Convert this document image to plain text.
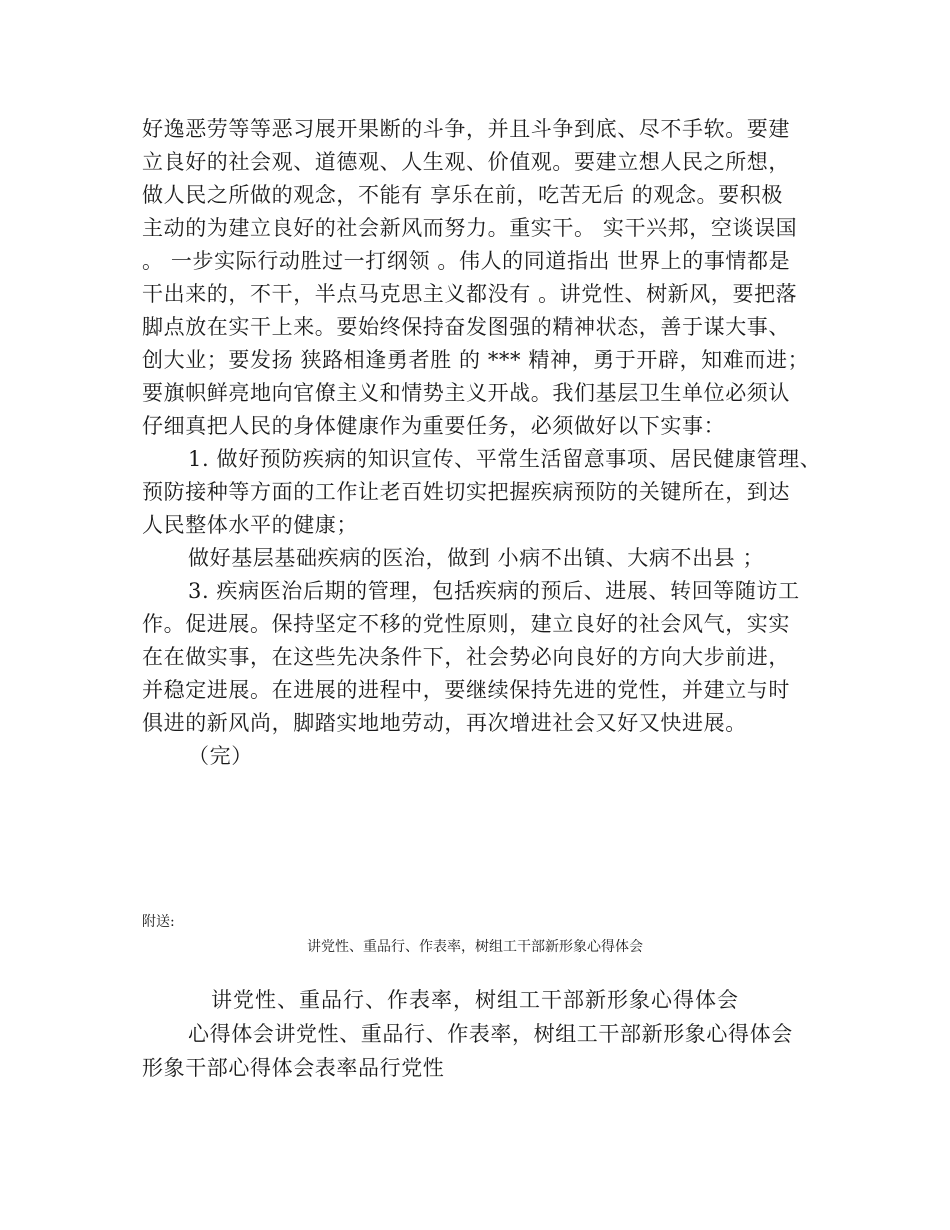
好逸恶劳等等恶习展开果断的斗争，并且斗争到底、尽不手软。要建
立良好的社会观、道德观、人生观、价值观。要建立想人民之所想，
做人民之所做的观念，不能有 享乐在前，吃苦无后 的观念。要积极
主动的为建立良好的社会新风而努力。重实干。 实干兴邦，空谈误国
。 一步实际行动胜过一打纲领 。伟人的同道指出 世界上的事情都是
干出来的，不干，半点马克思主义都没有 。讲党性、树新风，要把落
脚点放在实干上来。要始终保持奋发图强的精神状态，善于谋大事、
创大业；要发扬 狭路相逢勇者胜 的 *** 精神，勇于开辟，知难而进；
要旗帜鲜亮地向官僚主义和情势主义开战。我们基层卫生单位必须认
仔细真把人民的身体健康作为重要任务，必须做好以下实事：
1. 做好预防疾病的知识宣传、平常生活留意事项、居民健康管理、
预防接种等方面的工作让老百姓切实把握疾病预防的关键所在，到达
人民整体水平的健康；
做好基层基础疾病的医治，做到 小病不出镇、大病不出县 ；
3. 疾病医治后期的管理，包括疾病的预后、进展、转回等随访工
作。促进展。保持坚定不移的党性原则，建立良好的社会风气，实实
在在做实事，在这些先决条件下，社会势必向良好的方向大步前进，
并稳定进展。在进展的进程中，要继续保持先进的党性，并建立与时
俱进的新风尚，脚踏实地地劳动，再次增进社会又好又快进展。
（完）
附送:
讲党性、重品行、作表率，树组工干部新形象心得体会
讲党性、重品行、作表率，树组工干部新形象心得体会
心得体会讲党性、重品行、作表率，树组工干部新形象心得体会
形象干部心得体会表率品行党性
